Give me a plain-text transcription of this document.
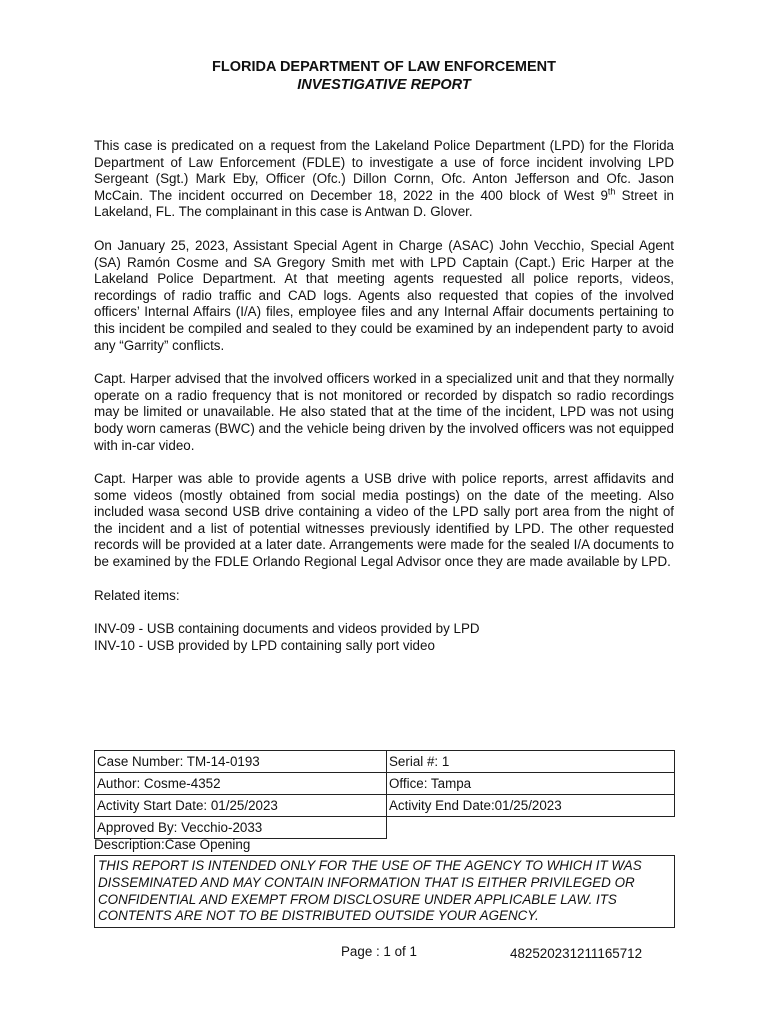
FLORIDA DEPARTMENT OF LAW ENFORCEMENT
INVESTIGATIVE REPORT

This case is predicated on a request from the Lakeland Police Department (LPD) for the Florida Department of Law Enforcement (FDLE) to investigate a use of force incident involving LPD Sergeant (Sgt.) Mark Eby, Officer (Ofc.) Dillon Cornn, Ofc. Anton Jefferson and Ofc. Jason McCain. The incident occurred on December 18, 2022 in the 400 block of West 9th Street in Lakeland, FL. The complainant in this case is Antwan D. Glover.

On January 25, 2023, Assistant Special Agent in Charge (ASAC) John Vecchio, Special Agent (SA) Ramón Cosme and SA Gregory Smith met with LPD Captain (Capt.) Eric Harper at the Lakeland Police Department. At that meeting agents requested all police reports, videos, recordings of radio traffic and CAD logs. Agents also requested that copies of the involved officers’ Internal Affairs (I/A) files, employee files and any Internal Affair documents pertaining to this incident be compiled and sealed to they could be examined by an independent party to avoid any “Garrity” conflicts.

Capt. Harper advised that the involved officers worked in a specialized unit and that they normally operate on a radio frequency that is not monitored or recorded by dispatch so radio recordings may be limited or unavailable. He also stated that at the time of the incident, LPD was not using body worn cameras (BWC) and the vehicle being driven by the involved officers was not equipped with in-car video.

Capt. Harper was able to provide agents a USB drive with police reports, arrest affidavits and some videos (mostly obtained from social media postings) on the date of the meeting. Also included wasa second USB drive containing a video of the LPD sally port area from the night of the incident and a list of potential witnesses previously identified by LPD. The other requested records will be provided at a later date. Arrangements were made for the sealed I/A documents to be examined by the FDLE Orlando Regional Legal Advisor once they are made available by LPD.

Related items:

INV-09 - USB containing documents and videos provided by LPD

INV-10 - USB provided by LPD containing sally port video

Case Number: TM-14-0193	Serial #: 1
Author: Cosme-4352	Office: Tampa
Activity Start Date: 01/25/2023	Activity End Date:01/25/2023
Approved By: Vecchio-2033	
Description:Case Opening
THIS REPORT IS INTENDED ONLY FOR THE USE OF THE AGENCY TO WHICH IT WAS DISSEMINATED AND MAY CONTAIN INFORMATION THAT IS EITHER PRIVILEGED OR CONFIDENTIAL AND EXEMPT FROM DISCLOSURE UNDER APPLICABLE LAW. ITS CONTENTS ARE NOT TO BE DISTRIBUTED OUTSIDE YOUR AGENCY.
Page : 1 of 1	482520231211165712
